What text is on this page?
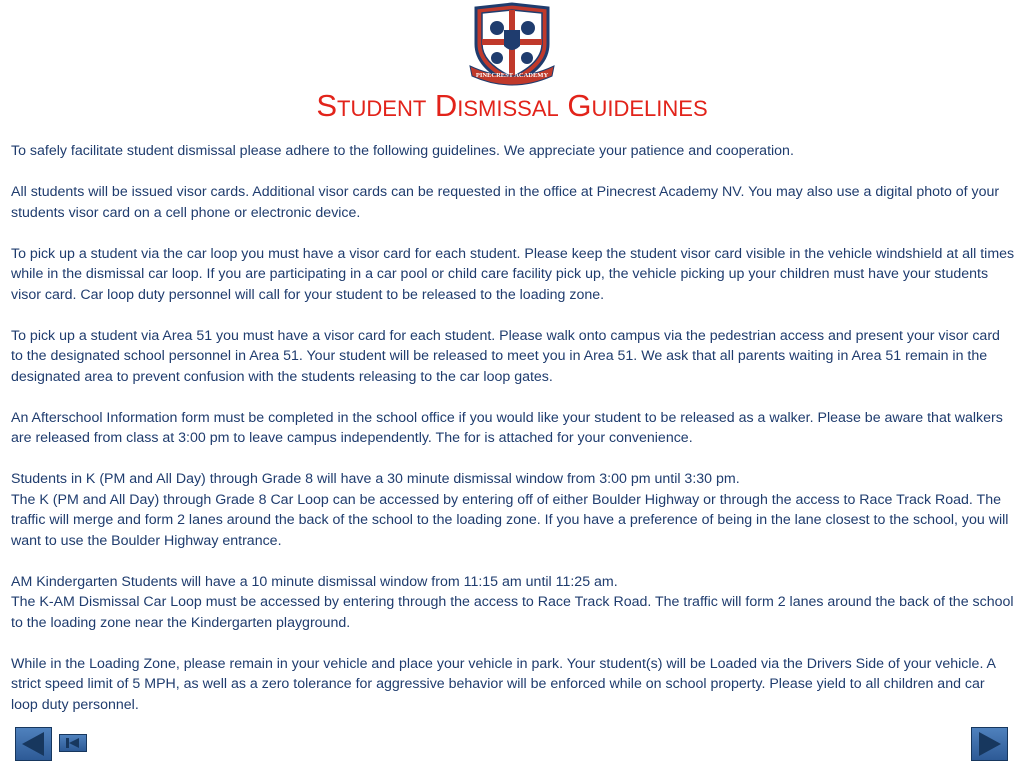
PINECREST ACADEMY
Student Dismissal Guidelines

To safely facilitate student dismissal please adhere to the following guidelines. We appreciate your patience and cooperation.

All students will be issued visor cards. Additional visor cards can be requested in the office at Pinecrest Academy NV. You may also use a digital photo of your students visor card on a cell phone or electronic device.

To pick up a student via the car loop you must have a visor card for each student. Please keep the student visor card visible in the vehicle windshield at all times while in the dismissal car loop. If you are participating in a car pool or child care facility pick up, the vehicle picking up your children must have your students visor card. Car loop duty personnel will call for your student to be released to the loading zone.

To pick up a student via Area 51 you must have a visor card for each student. Please walk onto campus via the pedestrian access and present your visor card to the designated school personnel in Area 51. Your student will be released to meet you in Area 51. We ask that all parents waiting in Area 51 remain in the designated area to prevent confusion with the students releasing to the car loop gates.

An Afterschool Information form must be completed in the school office if you would like your student to be released as a walker. Please be aware that walkers are released from class at 3:00 pm to leave campus independently. The for is attached for your convenience.

Students in K (PM and All Day) through Grade 8 will have a 30 minute dismissal window from 3:00 pm until 3:30 pm.

The K (PM and All Day) through Grade 8 Car Loop can be accessed by entering off of either Boulder Highway or through the access to Race Track Road. The traffic will merge and form 2 lanes around the back of the school to the loading zone. If you have a preference of being in the lane closest to the school, you will want to use the Boulder Highway entrance.

AM Kindergarten Students will have a 10 minute dismissal window from 11:15 am until 11:25 am.

The K-AM Dismissal Car Loop must be accessed by entering through the access to Race Track Road. The traffic will form 2 lanes around the back of the school to the loading zone near the Kindergarten playground.

While in the Loading Zone, please remain in your vehicle and place your vehicle in park. Your student(s) will be Loaded via the Drivers Side of your vehicle. A strict speed limit of 5 MPH, as well as a zero tolerance for aggressive behavior will be enforced while on school property. Please yield to all children and car loop duty personnel.
